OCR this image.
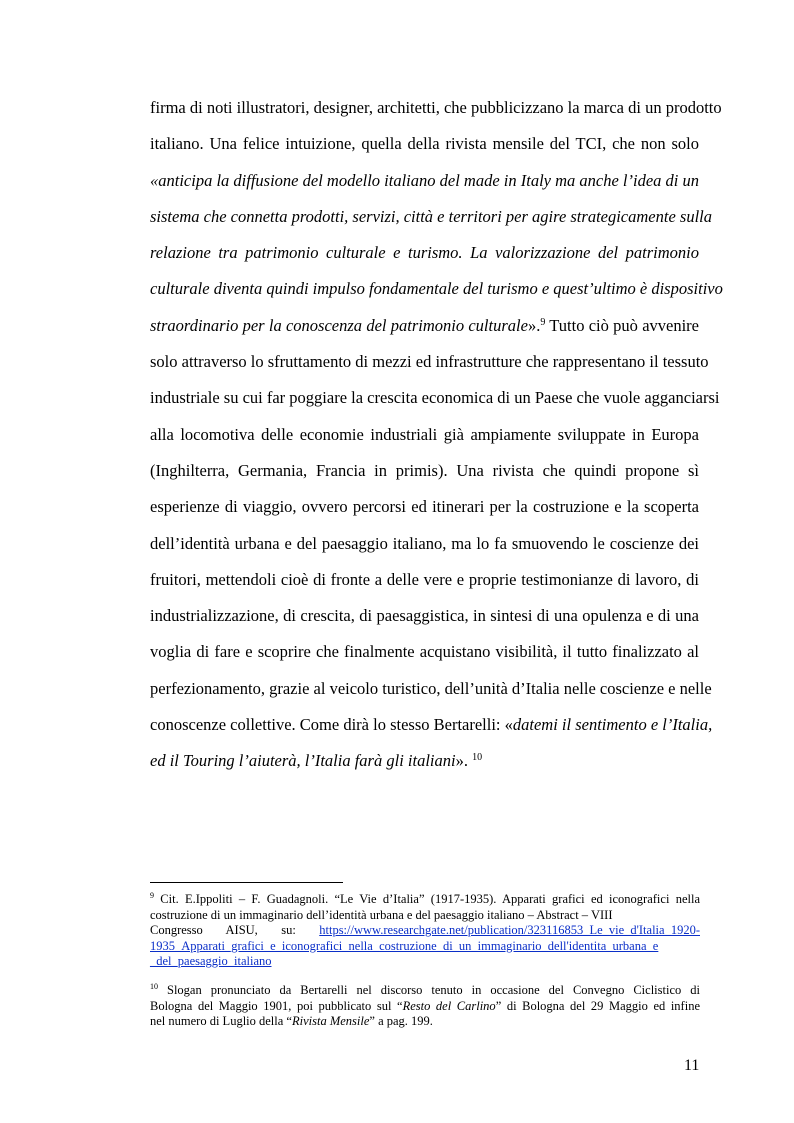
firma di noti illustratori, designer, architetti, che pubblicizzano la marca di un prodotto
italiano. Una felice intuizione, quella della rivista mensile del TCI, che non solo
«anticipa la diffusione del modello italiano del made in Italy ma anche l’idea di un
sistema che connetta prodotti, servizi, città e territori per agire strategicamente sulla
relazione tra patrimonio culturale e turismo. La valorizzazione del patrimonio
culturale diventa quindi impulso fondamentale del turismo e quest’ultimo è dispositivo
straordinario per la conoscenza del patrimonio culturale».$^9$ Tutto ciò può avvenire
solo attraverso lo sfruttamento di mezzi ed infrastrutture che rappresentano il tessuto
industriale su cui far poggiare la crescita economica di un Paese che vuole agganciarsi
alla locomotiva delle economie industriali già ampiamente sviluppate in Europa
(Inghilterra, Germania, Francia in primis). Una rivista che quindi propone sì
esperienze di viaggio, ovvero percorsi ed itinerari per la costruzione e la scoperta
dell’identità urbana e del paesaggio italiano, ma lo fa smuovendo le coscienze dei
fruitori, mettendoli cioè di fronte a delle vere e proprie testimonianze di lavoro, di
industrializzazione, di crescita, di paesaggistica, in sintesi di una opulenza e di una
voglia di fare e scoprire che finalmente acquistano visibilità, il tutto finalizzato al
perfezionamento, grazie al veicolo turistico, dell’unità d’Italia nelle coscienze e nelle
conoscenze collettive. Come dirà lo stesso Bertarelli: «datemi il sentimento e l’Italia,
ed il Touring l’aiuterà, l’Italia farà gli italiani». $^{10}$
$^9$ Cit. E.Ippoliti – F. Guadagnoli. “Le Vie d’Italia” (1917-1935). Apparati grafici ed iconografici nella
costruzione di un immaginario dell’identità urbana e del paesaggio italiano – Abstract – VIII
Congresso AISU, su: https://www.researchgate.net/publication/323116853_Le_vie_d'Italia_1920-
1935_Apparati_grafici_e_iconografici_nella_costruzione_di_un_immaginario_dell'identita_urbana_e
_del_paesaggio_italiano
$^{10}$ Slogan pronunciato da Bertarelli nel discorso tenuto in occasione del Convegno Ciclistico di
Bologna del Maggio 1901, poi pubblicato sul “Resto del Carlino” di Bologna del 29 Maggio ed infine
nel numero di Luglio della “Rivista Mensile” a pag. 199.
11
